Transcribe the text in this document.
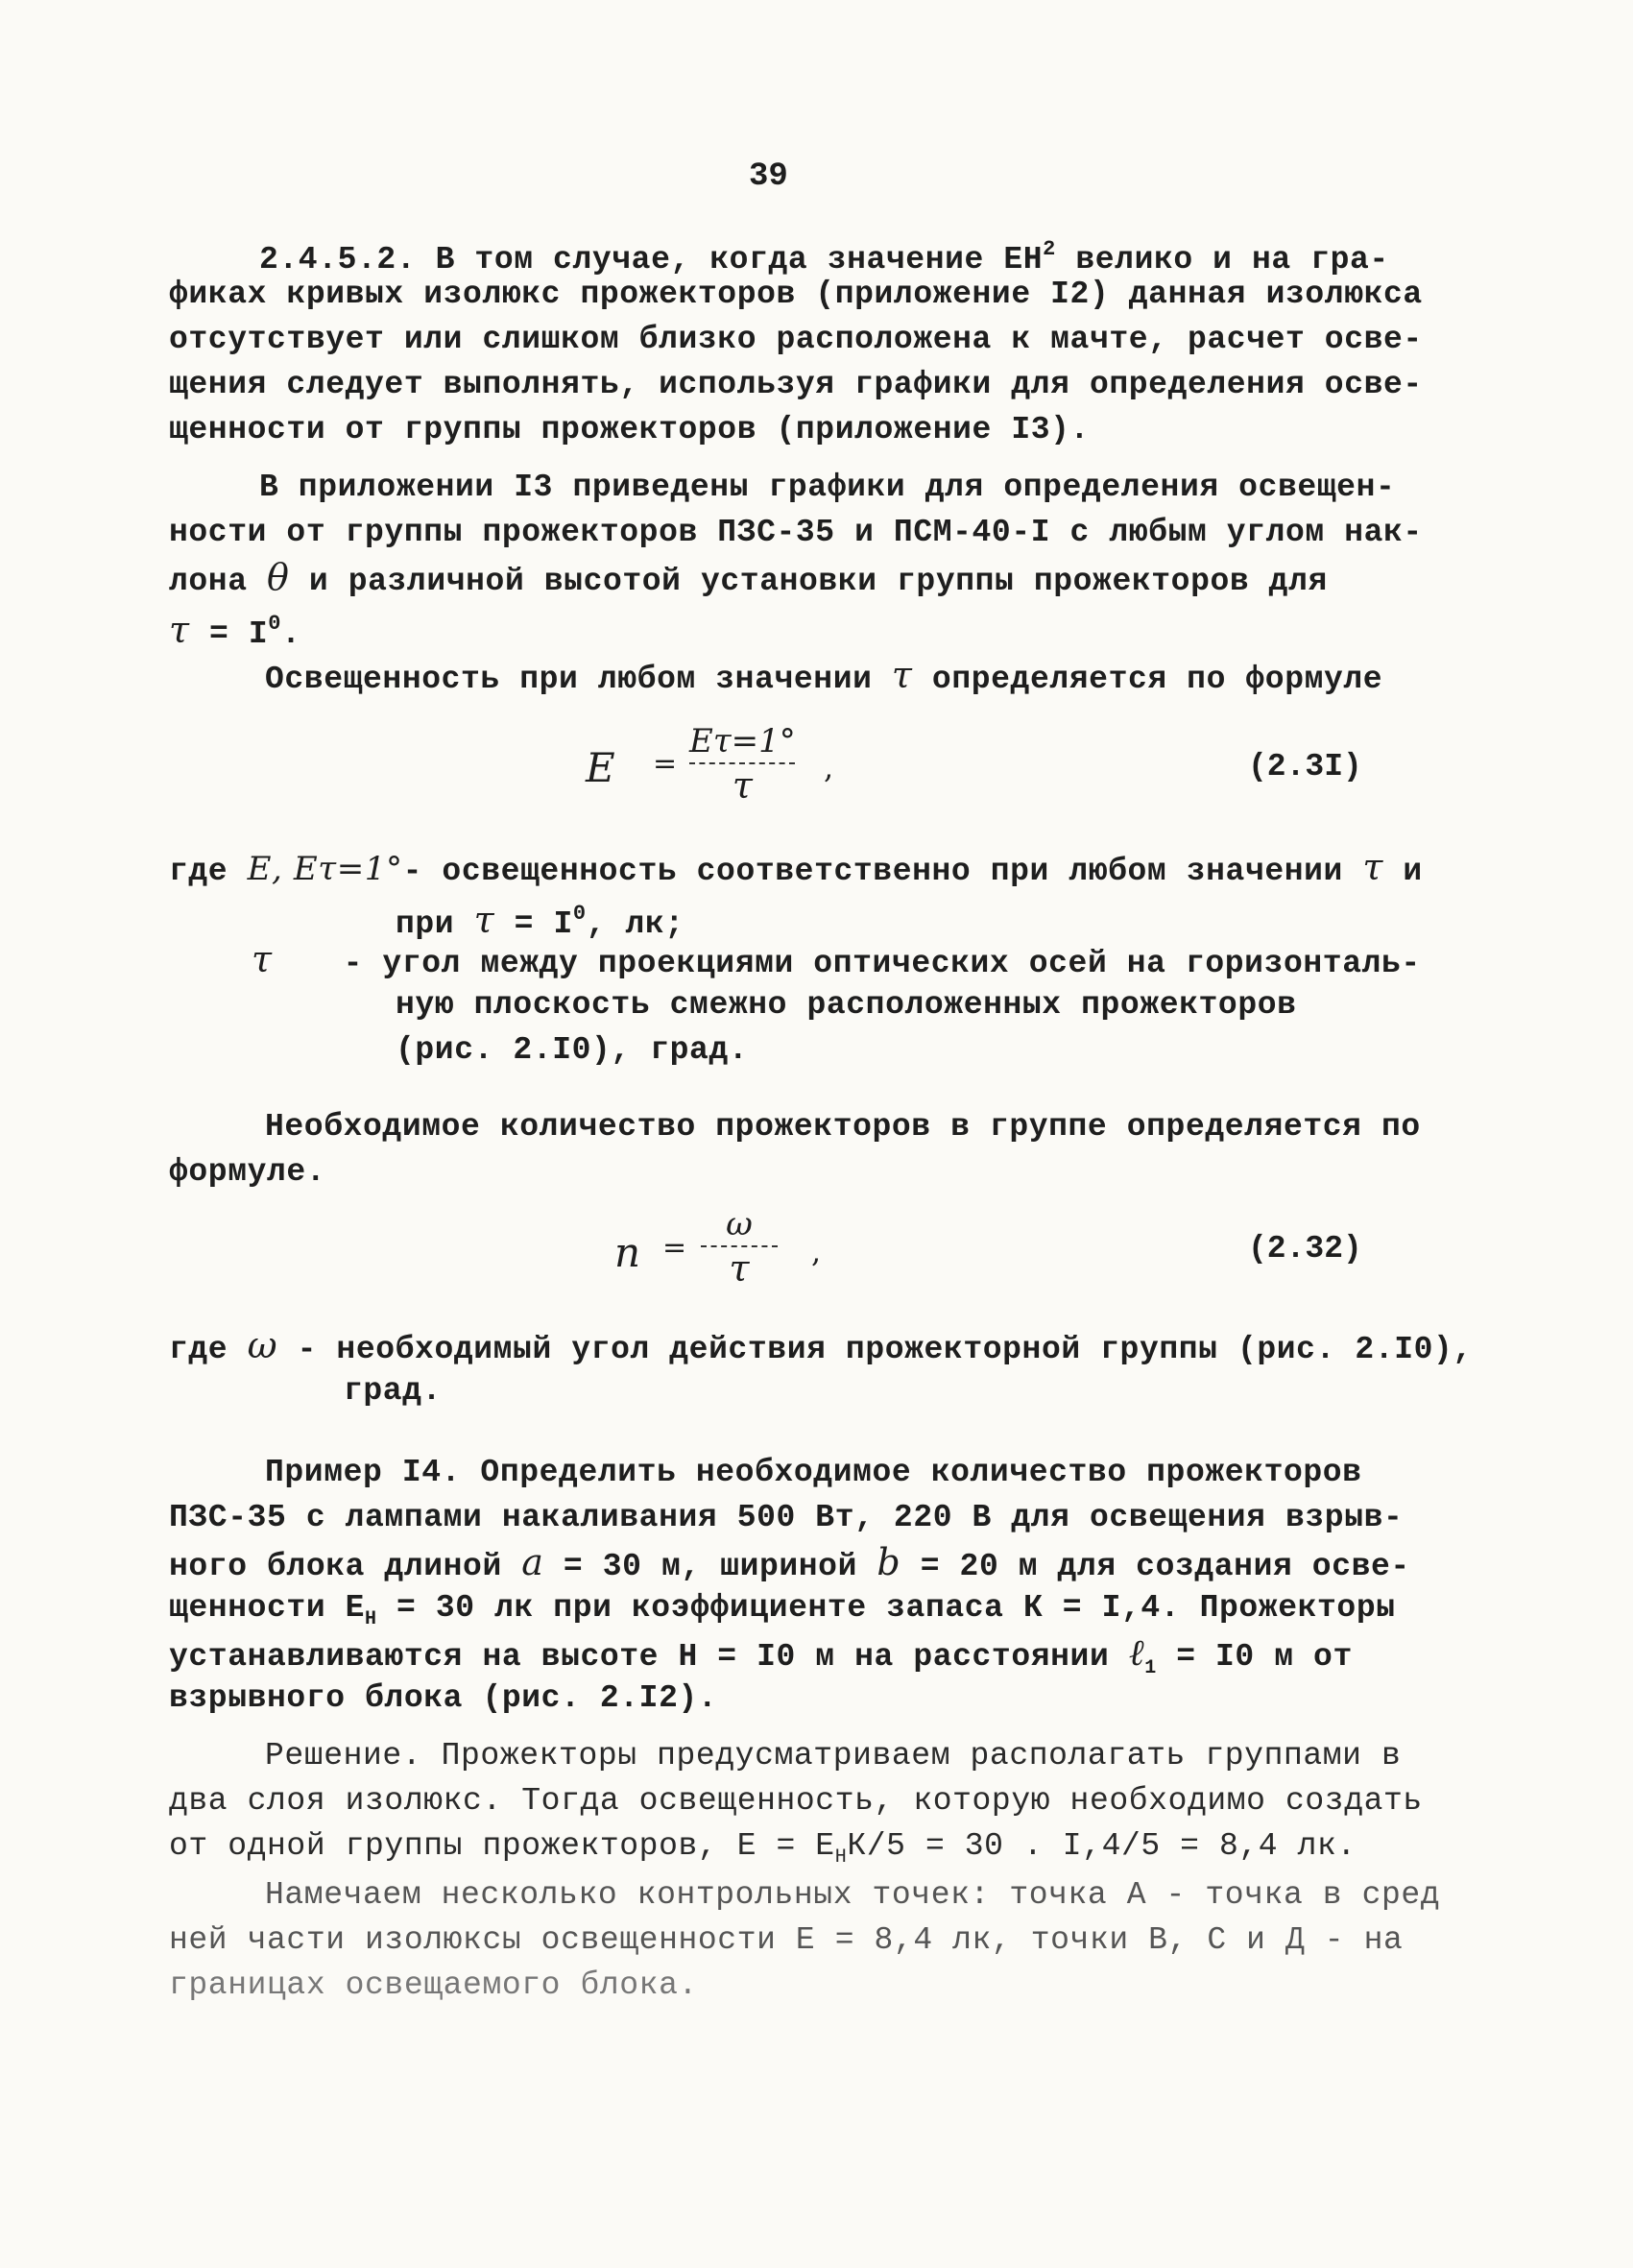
39
2.4.5.2. В том случае, когда значение $ЕН^2$ велико и на гра-
фиках кривых изолюкс прожекторов (приложение I2) данная изолюкса
отсутствует или слишком близко расположена к мачте, расчет осве-
щения следует выполнять, используя графики для определения осве-
щенности от группы прожекторов (приложение I3).
В приложении I3 приведены графики для определения освещен-
ности от группы прожекторов ПЗС-35 и ПСМ-40-I с любым углом нак-
лона θ и различной высотой установки группы прожекторов для
$\tau = I^0$.
Освещенность при любом значении τ определяется по формуле
E =
Eτ=1°
τ ,	(2.3I)
где E, Eτ=1°- освещенность соответственно при любом значении τ и
при $\tau = I^0$, лк;
τ - угол между проекциями оптических осей на горизонталь-
ную плоскость смежно расположенных прожекторов
(рис. 2.I0), град.
Необходимое количество прожекторов в группе определяется по
формуле.
n =
ω
τ ,	(2.32)
где ω - необходимый угол действия прожекторной группы (рис. 2.I0),
град.
Пример I4. Определить необходимое количество прожекторов
ПЗС-35 с лампами накаливания 500 Вт, 220 В для освещения взрыв-
ного блока длиной a = 30 м, шириной b = 20 м для создания осве-
щенности $Е_Н = 30$ лк при коэффициенте запаса К = I,4. Прожекторы
устанавливаются на высоте Н = I0 м на расстоянии ℓ$_1$ = I0 м от
взрывного блока (рис. 2.I2).
Решение. Прожекторы предусматриваем располагать группами в
два слоя изолюкс. Тогда освещенность, которую необходимо создать
от одной группы прожекторов, $Е = Е_НК/5 = 30$ . I,4/5 = 8,4 лк.
Намечаем несколько контрольных точек: точка А - точка в сред
ней части изолюксы освещенности Е = 8,4 лк, точки В, С и Д - на
границах освещаемого блока.
